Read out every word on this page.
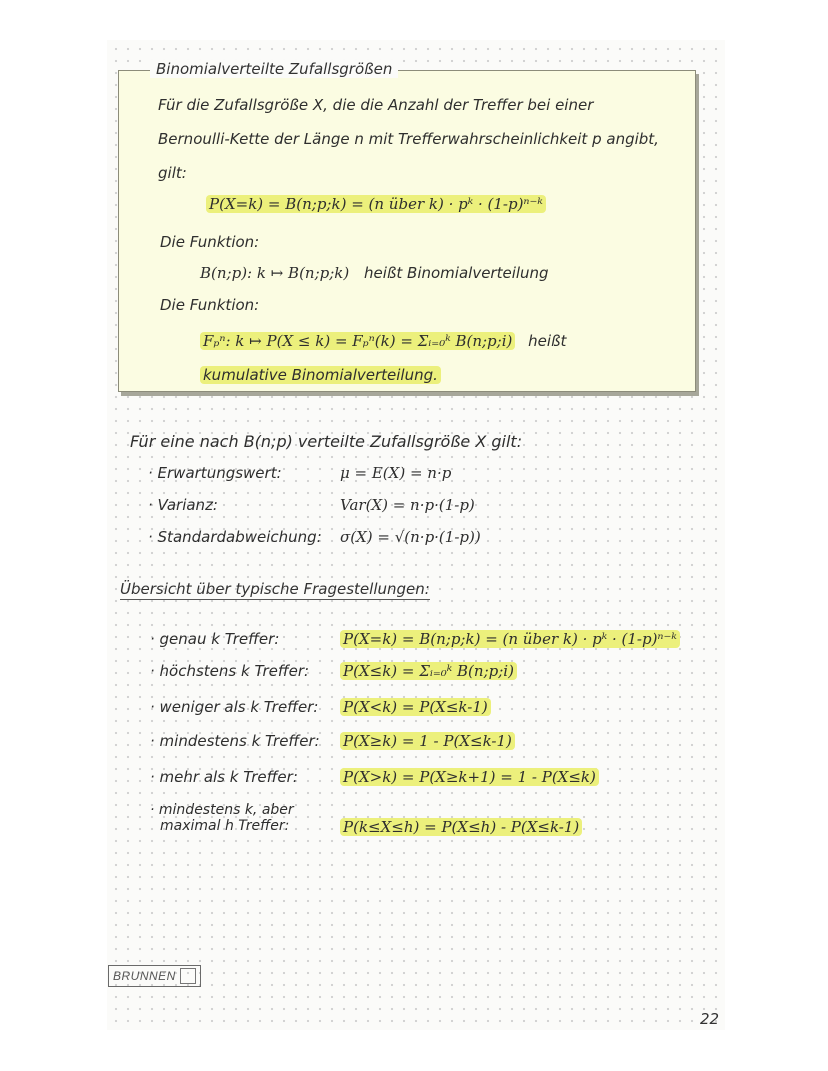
Binomialverteilte Zufallsgrößen
Für die Zufallsgröße X, die die Anzahl der Treffer bei einer
Bernoulli-Kette der Länge n mit Trefferwahrscheinlichkeit p angibt,
gilt:
P(X=k) = B(n;p;k) = (n über k) · pᵏ · (1-p)ⁿ⁻ᵏ
Die Funktion:
B(n;p): k ↦ B(n;p;k) heißt Binomialverteilung
Die Funktion:
Fₚⁿ: k ↦ P(X ≤ k) = Fₚⁿ(k) = Σᵢ₌₀ᵏ B(n;p;i) heißt
kumulative Binomialverteilung.
Für eine nach B(n;p) verteilte Zufallsgröße X gilt:
· Erwartungswert:	μ = E(X) = n·p
· Varianz:	Var(X) = n·p·(1-p)
· Standardabweichung: σ(X) = √(n·p·(1-p))
Übersicht über typische Fragestellungen:
· genau k Treffer:	P(X=k) = B(n;p;k) = (n über k) · pᵏ · (1-p)ⁿ⁻ᵏ
· höchstens k Treffer: P(X≤k) = Σᵢ₌₀ᵏ B(n;p;i)
· weniger als k Treffer: P(X<k) = P(X≤k-1)
· mindestens k Treffer: P(X≥k) = 1 - P(X≤k-1)
· mehr als k Treffer:	P(X>k) = P(X≥k+1) = 1 - P(X≤k)
· mindestens k, aber
maximal h Treffer:	P(k≤X≤h) = P(X≤h) - P(X≤k-1)
BRUNNEN
22
